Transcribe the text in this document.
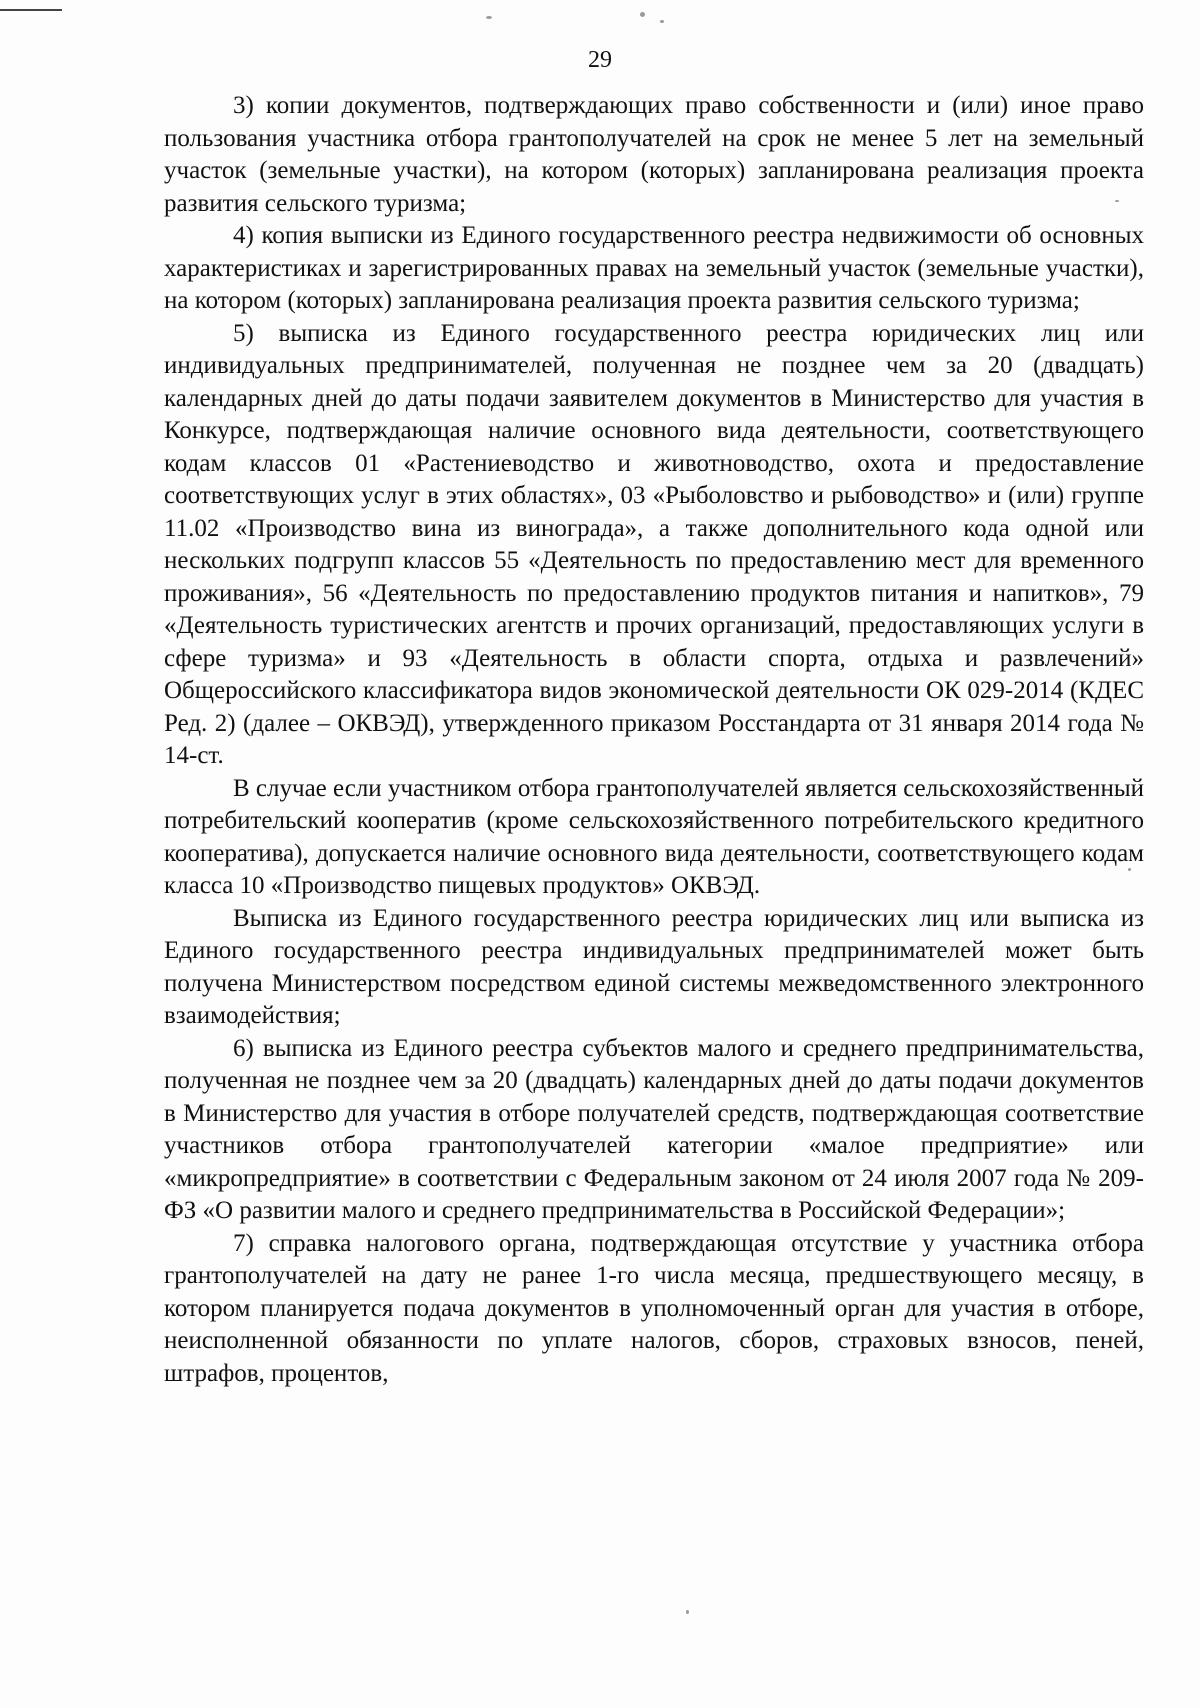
29

3) копии документов, подтверждающих право собственности и (или) иное право пользования участника отбора грантополучателей на срок не менее 5 лет на земельный участок (земельные участки), на котором (которых) запланирована реализация проекта развития сельского туризма;

4) копия выписки из Единого государственного реестра недвижимости об основных характеристиках и зарегистрированных правах на земельный участок (земельные участки), на котором (которых) запланирована реализация проекта развития сельского туризма;

5) выписка из Единого государственного реестра юридических лиц или индивидуальных предпринимателей, полученная не позднее чем за 20 (двадцать) календарных дней до даты подачи заявителем документов в Министерство для участия в Конкурсе, подтверждающая наличие основного вида деятельности, соответствующего кодам классов 01 «Растениеводство и животноводство, охота и предоставление соответствующих услуг в этих областях», 03 «Рыболовство и рыбоводство» и (или) группе 11.02 «Производство вина из винограда», а также дополнительного кода одной или нескольких подгрупп классов 55 «Деятельность по предоставлению мест для временного проживания», 56 «Деятельность по предоставлению продуктов питания и напитков», 79 «Деятельность туристических агентств и прочих организаций, предоставляющих услуги в сфере туризма» и 93 «Деятельность в области спорта, отдыха и развлечений» Общероссийского классификатора видов экономической деятельности ОК 029-2014 (КДЕС Ред. 2) (далее – ОКВЭД), утвержденного приказом Росстандарта от 31 января 2014 года № 14-ст.

В случае если участником отбора грантополучателей является сельскохозяйственный потребительский кооператив (кроме сельскохозяйственного потребительского кредитного кооператива), допускается наличие основного вида деятельности, соответствующего кодам класса 10 «Производство пищевых продуктов» ОКВЭД.

Выписка из Единого государственного реестра юридических лиц или выписка из Единого государственного реестра индивидуальных предпринимателей может быть получена Министерством посредством единой системы межведомственного электронного взаимодействия;

6) выписка из Единого реестра субъектов малого и среднего предпринимательства, полученная не позднее чем за 20 (двадцать) календарных дней до даты подачи документов в Министерство для участия в отборе получателей средств, подтверждающая соответствие участников отбора грантополучателей категории «малое предприятие» или «микропредприятие» в соответствии с Федеральным законом от 24 июля 2007 года № 209-ФЗ «О развитии малого и среднего предпринимательства в Российской Федерации»;

7) справка налогового органа, подтверждающая отсутствие у участника отбора грантополучателей на дату не ранее 1-го числа месяца, предшествующего месяцу, в котором планируется подача документов в уполномоченный орган для участия в отборе, неисполненной обязанности по уплате налогов, сборов, страховых взносов, пеней, штрафов, процентов,
